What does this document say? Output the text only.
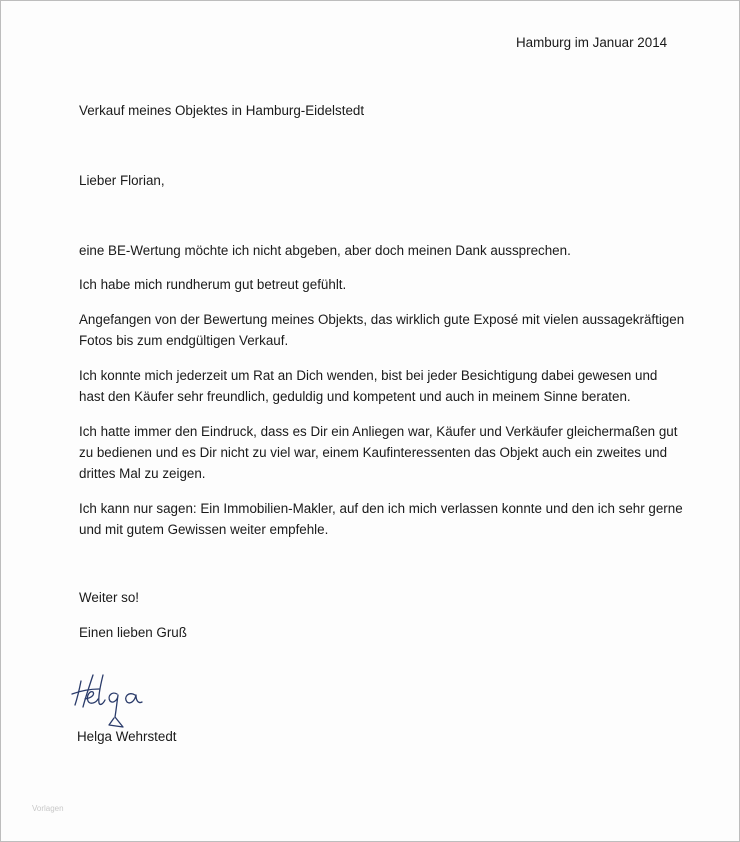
Hamburg im Januar 2014
Verkauf meines Objektes in Hamburg-Eidelstedt
Lieber Florian,
eine BE-Wertung möchte ich nicht abgeben, aber doch meinen Dank aussprechen.
Ich habe mich rundherum gut betreut gefühlt.
Angefangen von der Bewertung meines Objekts, das wirklich gute Exposé mit vielen aussagekräftigen
Fotos bis zum endgültigen Verkauf.
Ich konnte mich jederzeit um Rat an Dich wenden, bist bei jeder Besichtigung dabei gewesen und
hast den Käufer sehr freundlich, geduldig und kompetent und auch in meinem Sinne beraten.
Ich hatte immer den Eindruck, dass es Dir ein Anliegen war, Käufer und Verkäufer gleichermaßen gut
zu bedienen und es Dir nicht zu viel war, einem Kaufinteressenten das Objekt auch ein zweites und
drittes Mal zu zeigen.
Ich kann nur sagen: Ein Immobilien-Makler, auf den ich mich verlassen konnte und den ich sehr gerne
und mit gutem Gewissen weiter empfehle.
Weiter so!
Einen lieben Gruß
Helga Wehrstedt
Vorlagen
